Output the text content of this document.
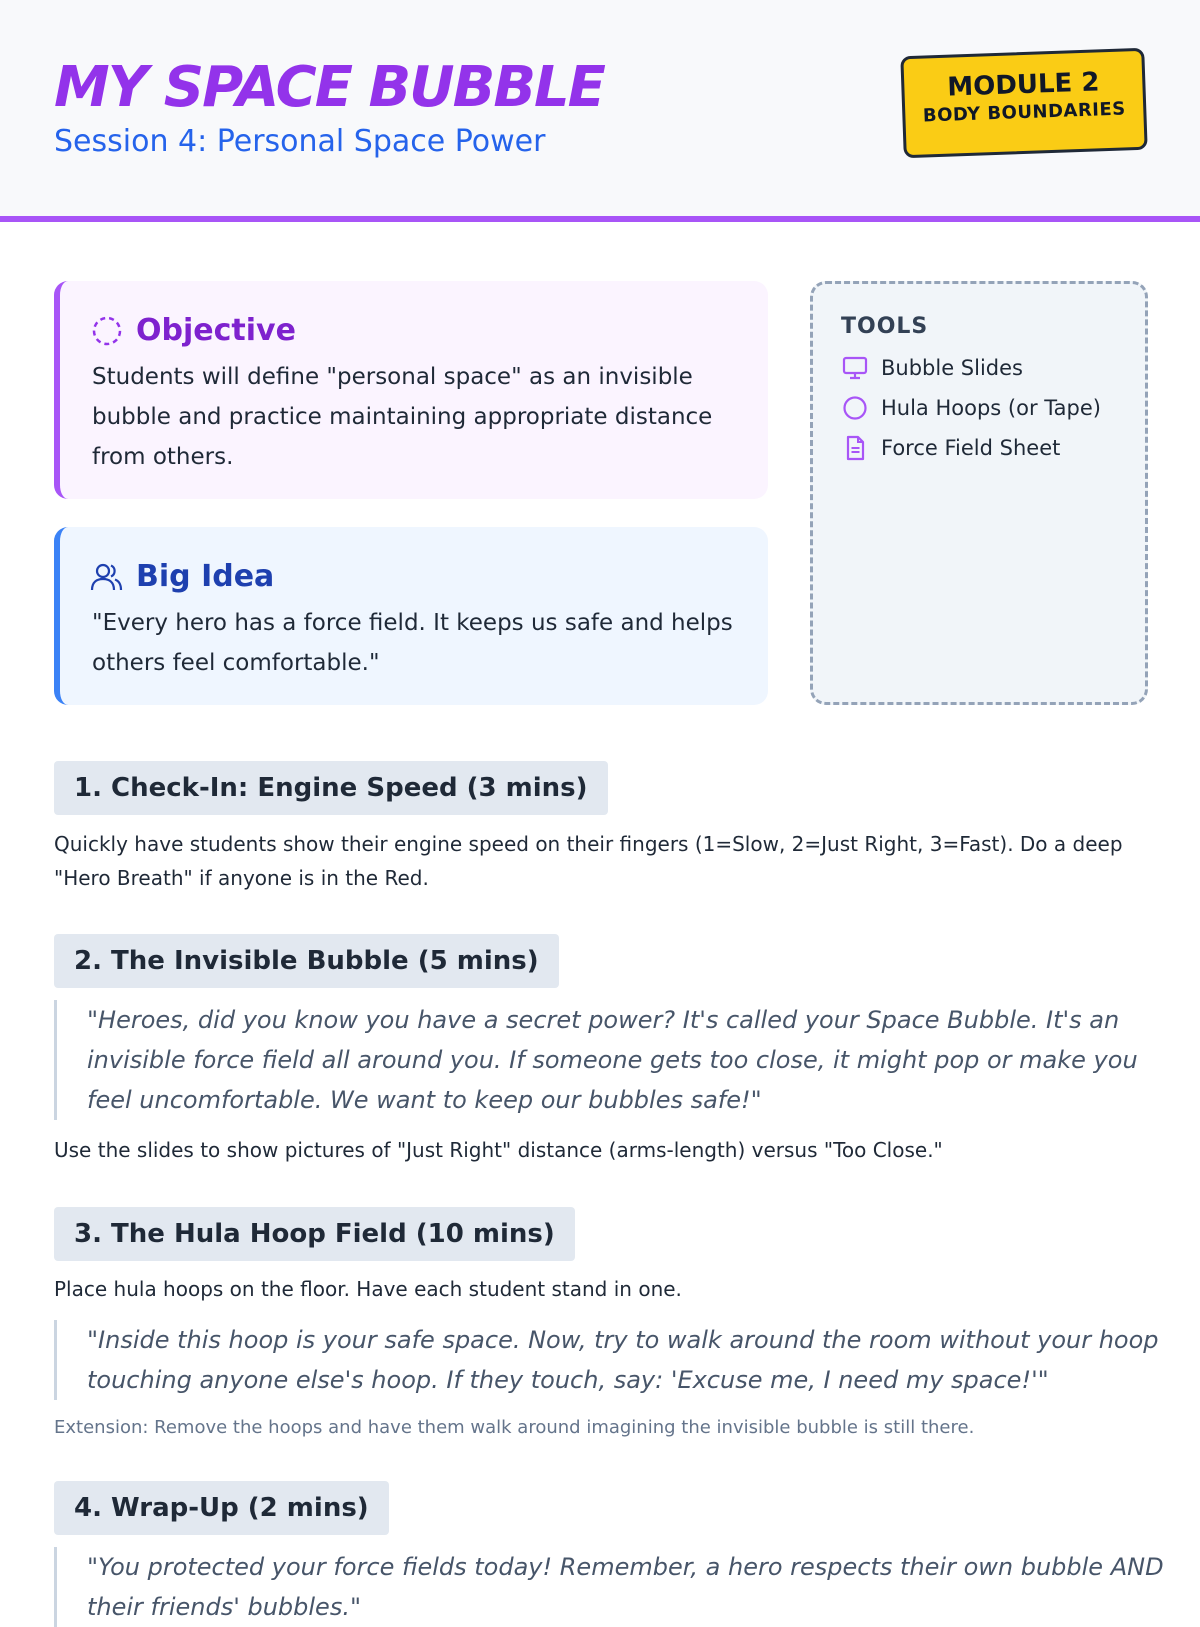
MY SPACE BUBBLE
Session 4: Personal Space Power
MODULE 2
BODY BOUNDARIES
Objective
Students will define "personal space" as an invisible bubble and practice maintaining appropriate distance from others.
Big Idea
"Every hero has a force field. It keeps us safe and helps others feel comfortable."
TOOLS
Bubble Slides
Hula Hoops (or Tape)
Force Field Sheet
1. Check-In: Engine Speed (3 mins)
Quickly have students show their engine speed on their fingers (1=Slow, 2=Just Right, 3=Fast). Do a deep "Hero Breath" if anyone is in the Red.
2. The Invisible Bubble (5 mins)
"Heroes, did you know you have a secret power? It's called your Space Bubble. It's an invisible force field all around you. If someone gets too close, it might pop or make you feel uncomfortable. We want to keep our bubbles safe!"
Use the slides to show pictures of "Just Right" distance (arms-length) versus "Too Close."
3. The Hula Hoop Field (10 mins)
Place hula hoops on the floor. Have each student stand in one.
"Inside this hoop is your safe space. Now, try to walk around the room without your hoop touching anyone else's hoop. If they touch, say: 'Excuse me, I need my space!'"
Extension: Remove the hoops and have them walk around imagining the invisible bubble is still there.
4. Wrap-Up (2 mins)
"You protected your force fields today! Remember, a hero respects their own bubble AND their friends' bubbles."
